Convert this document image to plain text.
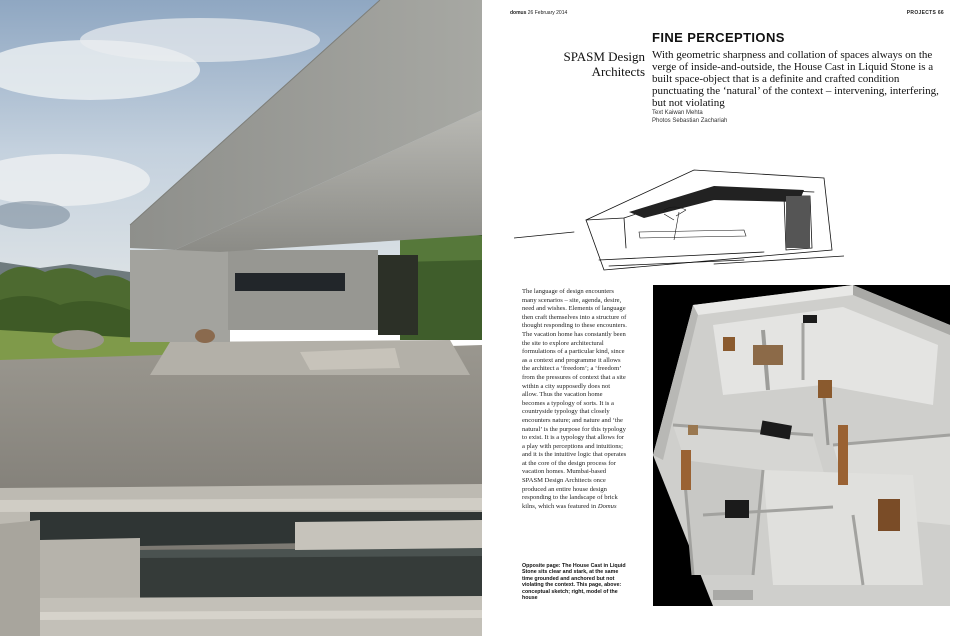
domus 26 February 2014	PROJECTS 66
FINE PERCEPTIONS
SPASM Design
Architects
With geometric sharpness and collation of spaces always on the verge of inside-and-outside, the House Cast in Liquid Stone is a built space-object that is a definite and crafted condition punctuating the ‘natural’ of the context – intervening, interfering, but not violating
Text Kaiwan Mehta
Photos Sebastian Zachariah
The language of design encounters many scenarios – site, agenda, desire, need and wishes. Elements of language then craft themselves into a structure of thought responding to these encounters. The vacation home has constantly been the site to explore architectural formulations of a particular kind, since as a context and programme it allows the architect a ‘freedom’; a ‘freedom’ from the pressures of context that a site within a city supposedly does not allow. Thus the vacation home becomes a typology of sorts. It is a countryside typology that closely encounters nature; and nature and ‘the natural’ is the purpose for this typology to exist. It is a typology that allows for a play with perceptions and intuitions; and it is the intuitive logic that operates at the core of the design process for vacation homes. Mumbai-based SPASM Design Architects once produced an entire house design responding to the landscape of brick kilns, which was featured in Domus
Opposite page: The House Cast in Liquid Stone sits clear and stark, at the same time grounded and anchored but not violating the context. This page, above: conceptual sketch; right, model of the house
